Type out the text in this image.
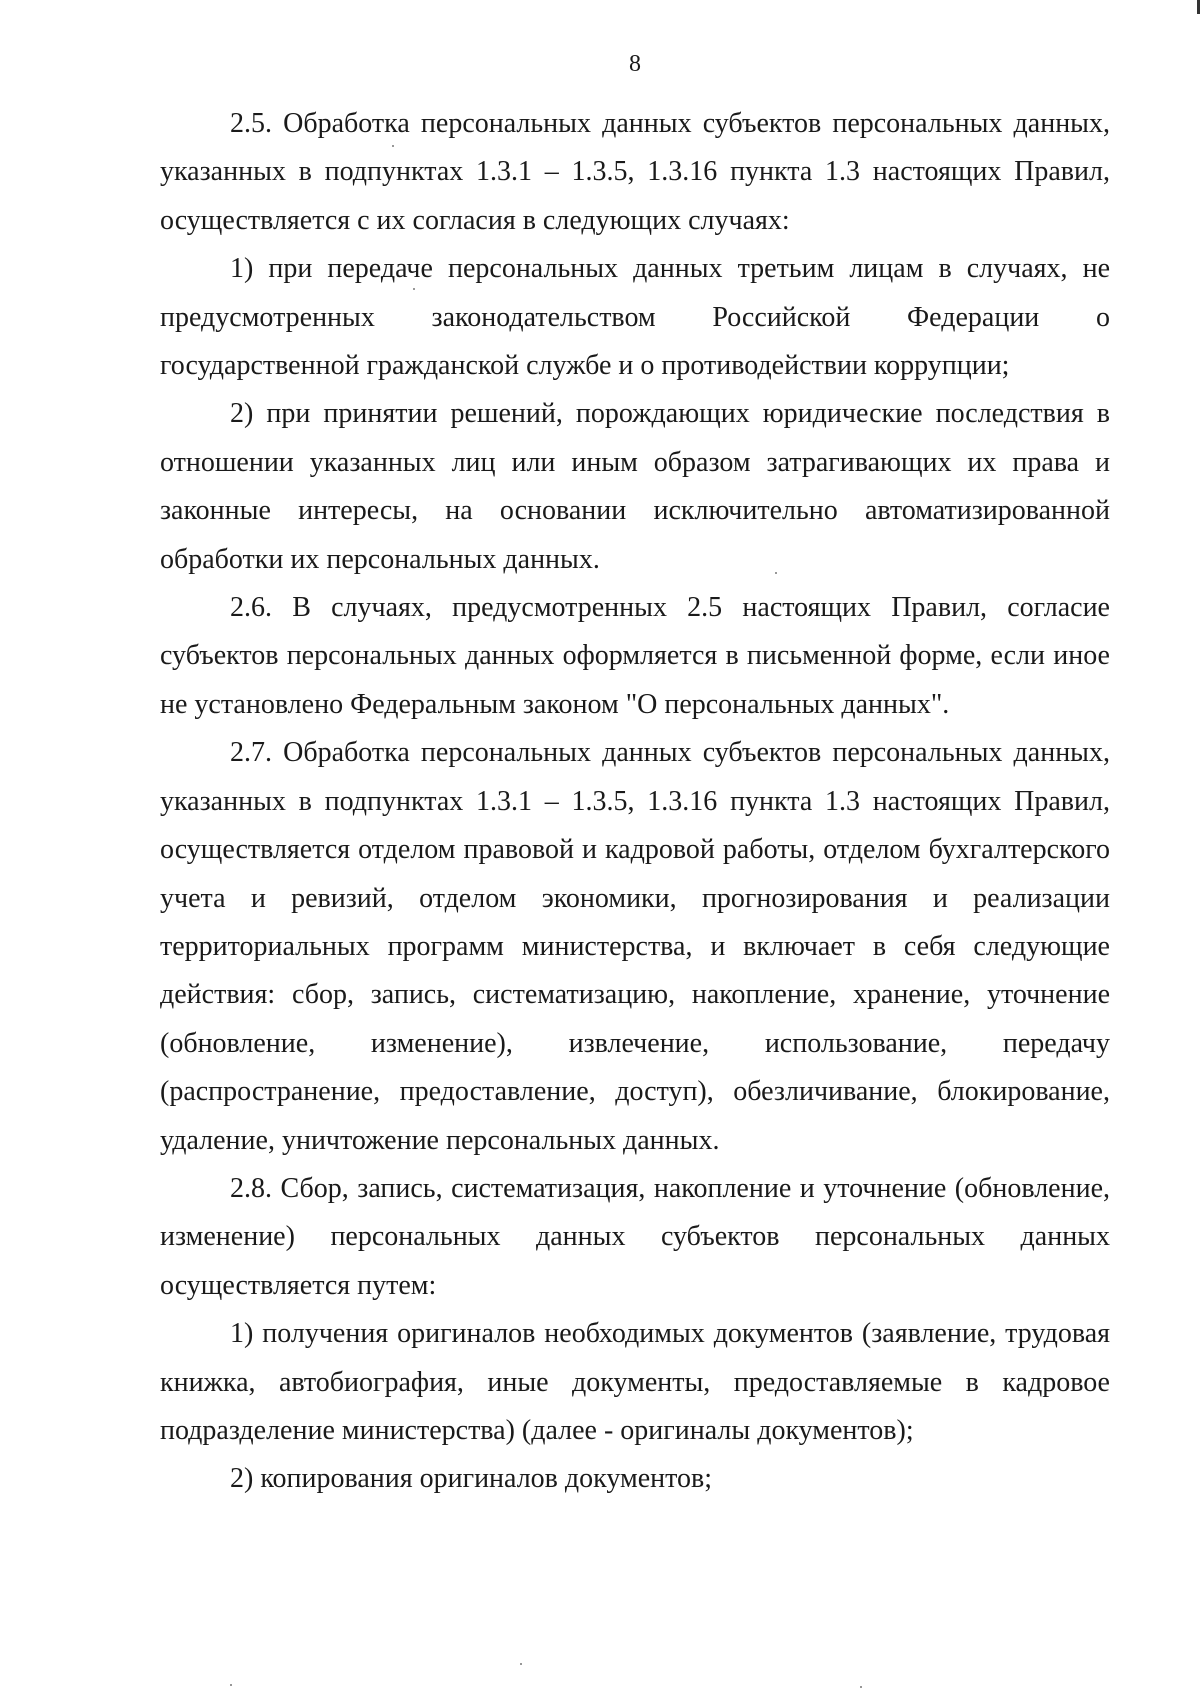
8

2.5. Обработка персональных данных субъектов персональных данных, указанных в подпунктах 1.3.1 – 1.3.5, 1.3.16 пункта 1.3 настоящих Правил, осуществляется с их согласия в следующих случаях:

1) при передаче персональных данных третьим лицам в случаях, не предусмотренных законодательством Российской Федерации о государственной гражданской службе и о противодействии коррупции;

2) при принятии решений, порождающих юридические последствия в отношении указанных лиц или иным образом затрагивающих их права и законные интересы, на основании исключительно автоматизированной обработки их персональных данных.

2.6. В случаях, предусмотренных 2.5 настоящих Правил, согласие субъектов персональных данных оформляется в письменной форме, если иное не установлено Федеральным законом "О персональных данных".

2.7. Обработка персональных данных субъектов персональных данных, указанных в подпунктах 1.3.1 – 1.3.5, 1.3.16 пункта 1.3 настоящих Правил, осуществляется отделом правовой и кадровой работы, отделом бухгалтерского учета и ревизий, отделом экономики, прогнозирования и реализации территориальных программ министерства, и включает в себя следующие действия: сбор, запись, систематизацию, накопление, хранение, уточнение (обновление, изменение), извлечение, использование, передачу (распространение, предоставление, доступ), обезличивание, блокирование, удаление, уничтожение персональных данных.

2.8. Сбор, запись, систематизация, накопление и уточнение (обновление, изменение) персональных данных субъектов персональных данных осуществляется путем:

1) получения оригиналов необходимых документов (заявление, трудовая книжка, автобиография, иные документы, предоставляемые в кадровое подразделение министерства) (далее - оригиналы документов);

2) копирования оригиналов документов;
